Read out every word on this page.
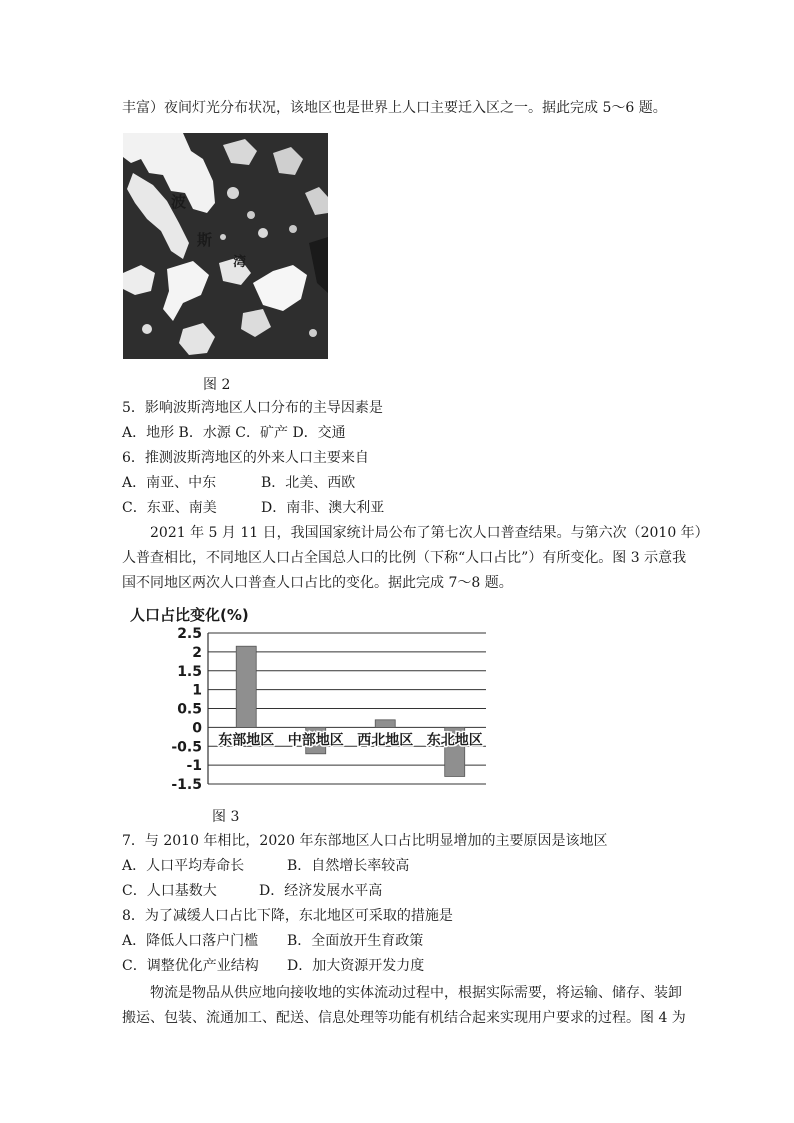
丰富）夜间灯光分布状况，该地区也是世界上人口主要迁入区之一。据此完成 5～6 题。
波
斯
湾
图 2
5．影响波斯湾地区人口分布的主导因素是
A．地形 B．水源 C．矿产 D．交通
6．推测波斯湾地区的外来人口主要来自
A．南亚、中东	B．北美、西欧
C．东亚、南美	D．南非、澳大利亚
2021 年 5 月 11 日，我国国家统计局公布了第七次人口普查结果。与第六次（2010 年）
人普查相比，不同地区人口占全国总人口的比例（下称“人口占比”）有所变化。图 3 示意我
国不同地区两次人口普查人口占比的变化。据此完成 7～8 题。
人口占比变化(%)
2.5
2
1.5
1
0.5
0
-0.5
-1
-1.5
东部地区 中部地区 西北地区 东北地区
图 3
7．与 2010 年相比，2020 年东部地区人口占比明显增加的主要原因是该地区
A．人口平均寿命长	B．自然增长率较高
C．人口基数大	D．经济发展水平高
8．为了减缓人口占比下降，东北地区可采取的措施是
A．降低人口落户门槛 B．全面放开生育政策
C．调整优化产业结构 D．加大资源开发力度
物流是物品从供应地向接收地的实体流动过程中，根据实际需要，将运输、储存、装卸
搬运、包装、流通加工、配送、信息处理等功能有机结合起来实现用户要求的过程。图 4 为
